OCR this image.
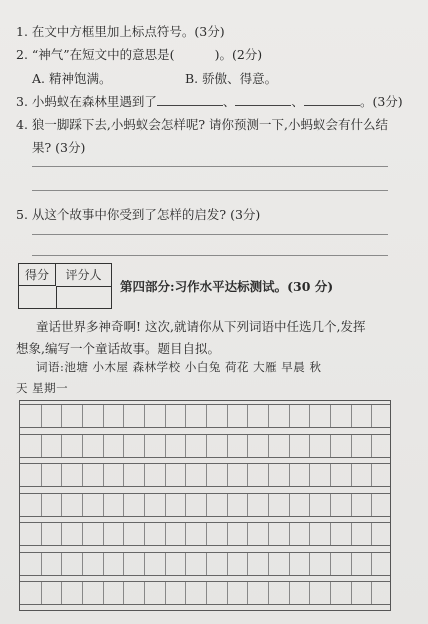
1. 在文中方框里加上标点符号。(3分)
2. “神气”在短文中的意思是(	)。(2分)
A. 精神饱满。	B. 骄傲、得意。
3. 小蚂蚁在森林里遇到了	、	、	。(3分)
4. 狼一脚踩下去,小蚂蚁会怎样呢? 请你预测一下,小蚂蚁会有什么结
果? (3分)
5. 从这个故事中你受到了怎样的启发? (3分)
得分	评分人
第四部分:习作水平达标测试。(30 分)
童话世界多神奇啊! 这次,就请你从下列词语中任选几个,发挥
想象,编写一个童话故事。题目自拟。
词语:池塘 小木屋 森林学校 小白兔 荷花 大雁 早晨 秋
天 星期一
